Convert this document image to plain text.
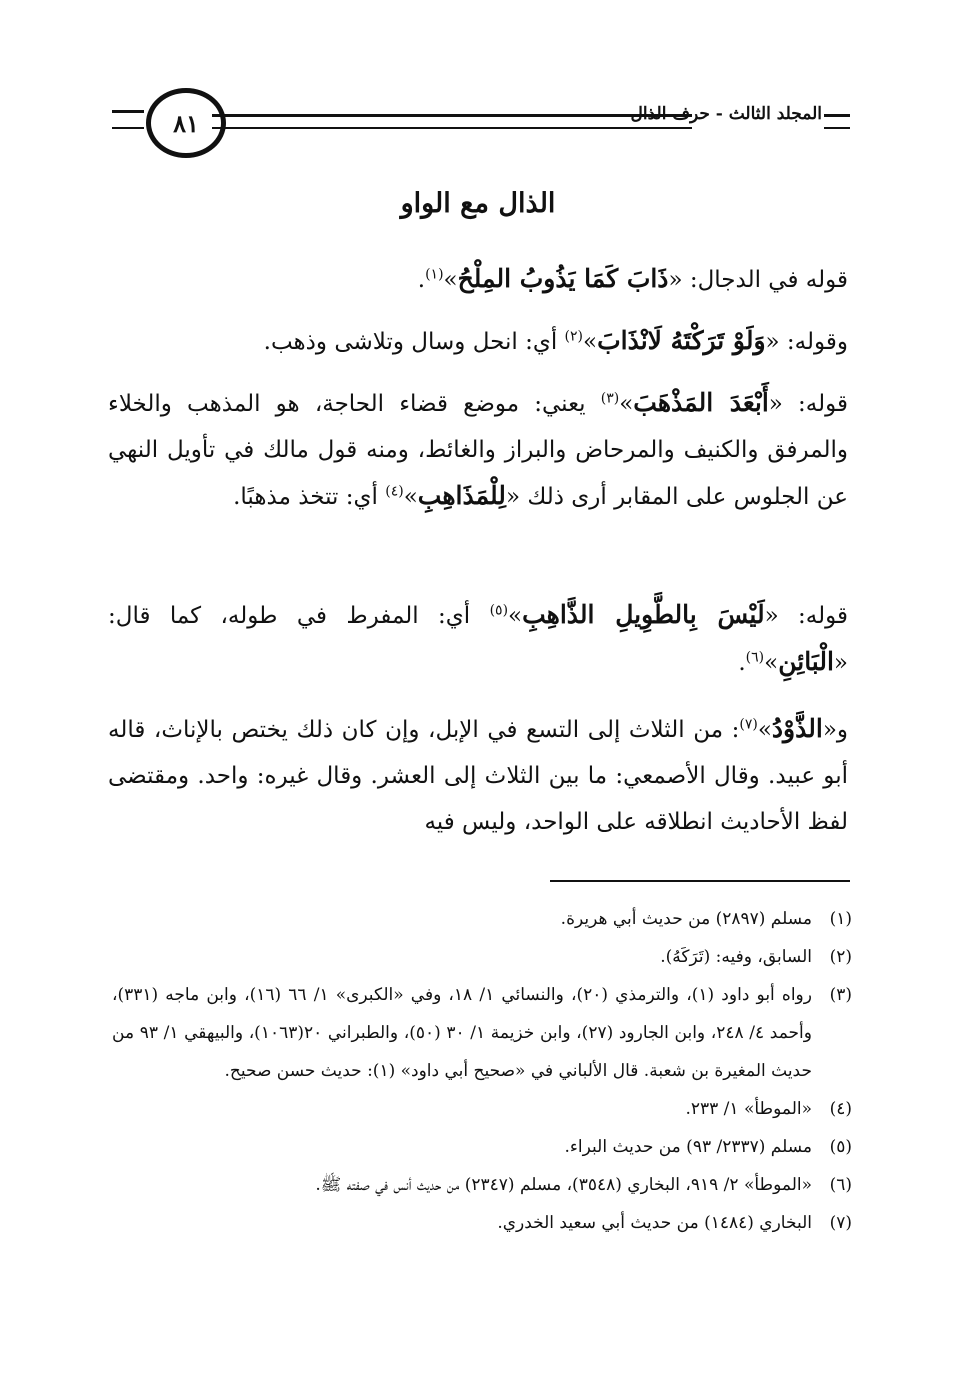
٨١	المجلد الثالث - حرف الذال
الذال مع الواو

قوله في الدجال: «ذَابَ كَمَا يَذُوبُ المِلْحُ»$^{(١)}$.

وقوله: «وَلَوْ تَرَكْتَهُ لَانْذَابَ»$^{(٢)}$ أي: انحل وسال وتلاشى وذهب.

قوله: «أَبْعَدَ المَذْهَبَ»$^{(٣)}$ يعني: موضع قضاء الحاجة، هو المذهب والخلاء والمرفق والكنيف والمرحاض والبراز والغائط، ومنه قول مالك في تأويل النهي عن الجلوس على المقابر أرى ذلك «لِلْمَذَاهِبِ»$^{(٤)}$ أي: تتخذ مذهبًا.

قوله: «لَيْسَ بِالطَّوِيلِ الذَّاهِبِ»$^{(٥)}$ أي: المفرط في طوله، كما قال: «الْبَائِنِ»$^{(٦)}$.

و«الذَّوْدُ»$^{(٧)}$: من الثلاث إلى التسع في الإبل، وإن كان ذلك يختص بالإناث، قاله أبو عبيد. وقال الأصمعي: ما بين الثلاث إلى العشر. وقال غيره: واحد. ومقتضى لفظ الأحاديث انطلاقه على الواحد، وليس فيه

(١)
مسلم (٢٨٩٧) من حديث أبي هريرة.
(٢)
السابق، وفيه: (تَرَكَهُ).
(٣)
رواه أبو داود (١)، والترمذي (٢٠)، والنسائي ١/ ١٨، وفي «الكبرى» ١/ ٦٦ (١٦)، وابن ماجه (٣٣١)، وأحمد ٤/ ٢٤٨، وابن الجارود (٢٧)، وابن خزيمة ١/ ٣٠ (٥٠)، والطبراني ٢٠(١٠٦٣)، والبيهقي ١/ ٩٣ من حديث المغيرة بن شعبة. قال الألباني في «صحيح أبي داود» (١): حديث حسن صحيح.
(٤)
«الموطأ» ١/ ٢٣٣.
(٥)
مسلم (٢٣٣٧/ ٩٣) من حديث البراء.
(٦)
«الموطأ» ٢/ ٩١٩، البخاري (٣٥٤٨)، مسلم (٢٣٤٧) من حديث أنس في صفته ﷺ.
(٧)
البخاري (١٤٨٤) من حديث أبي سعيد الخدري.
